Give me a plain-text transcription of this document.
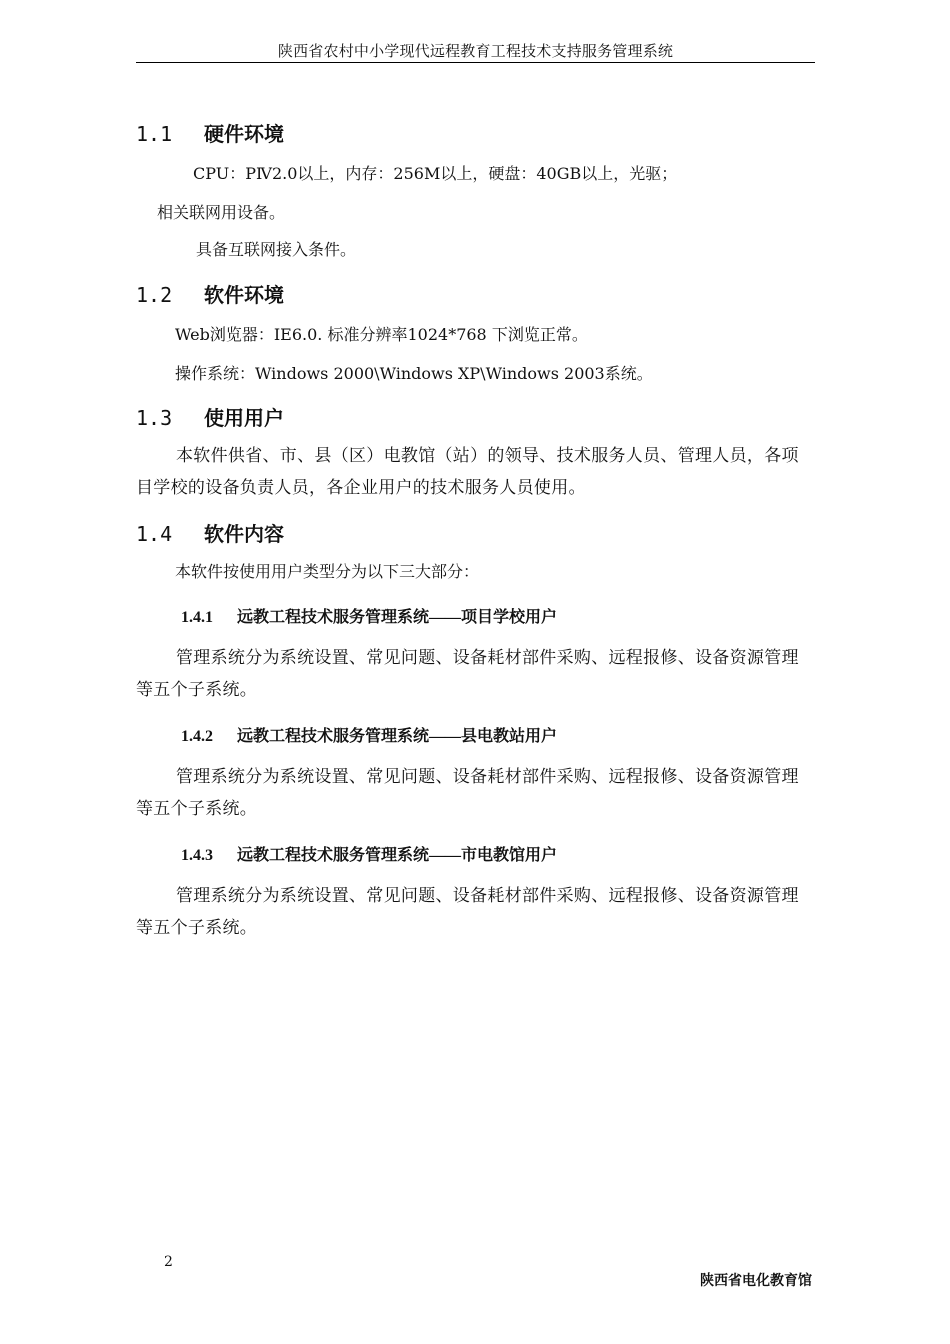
陕西省农村中小学现代远程教育工程技术支持服务管理系统
1.1 硬件环境
CPU：PⅣ2.0以上，内存：256M以上，硬盘：40GB以上，光驱；
相关联网用设备。
具备互联网接入条件。
1.2 软件环境
Web浏览器：IE6.0. 标准分辨率1024*768 下浏览正常。
操作系统：Windows 2000\Windows XP\Windows 2003系统。
1.3 使用用户
本软件供省、市、县（区）电教馆（站）的领导、技术服务人员、管理人员，各项目学校的设备负责人员，各企业用户的技术服务人员使用。
1.4 软件内容
本软件按使用用户类型分为以下三大部分：
1.4.1 远教工程技术服务管理系统——项目学校用户
管理系统分为系统设置、常见问题、设备耗材部件采购、远程报修、设备资源管理等五个子系统。
1.4.2 远教工程技术服务管理系统——县电教站用户
管理系统分为系统设置、常见问题、设备耗材部件采购、远程报修、设备资源管理等五个子系统。
1.4.3 远教工程技术服务管理系统——市电教馆用户
管理系统分为系统设置、常见问题、设备耗材部件采购、远程报修、设备资源管理等五个子系统。
2
陕西省电化教育馆
